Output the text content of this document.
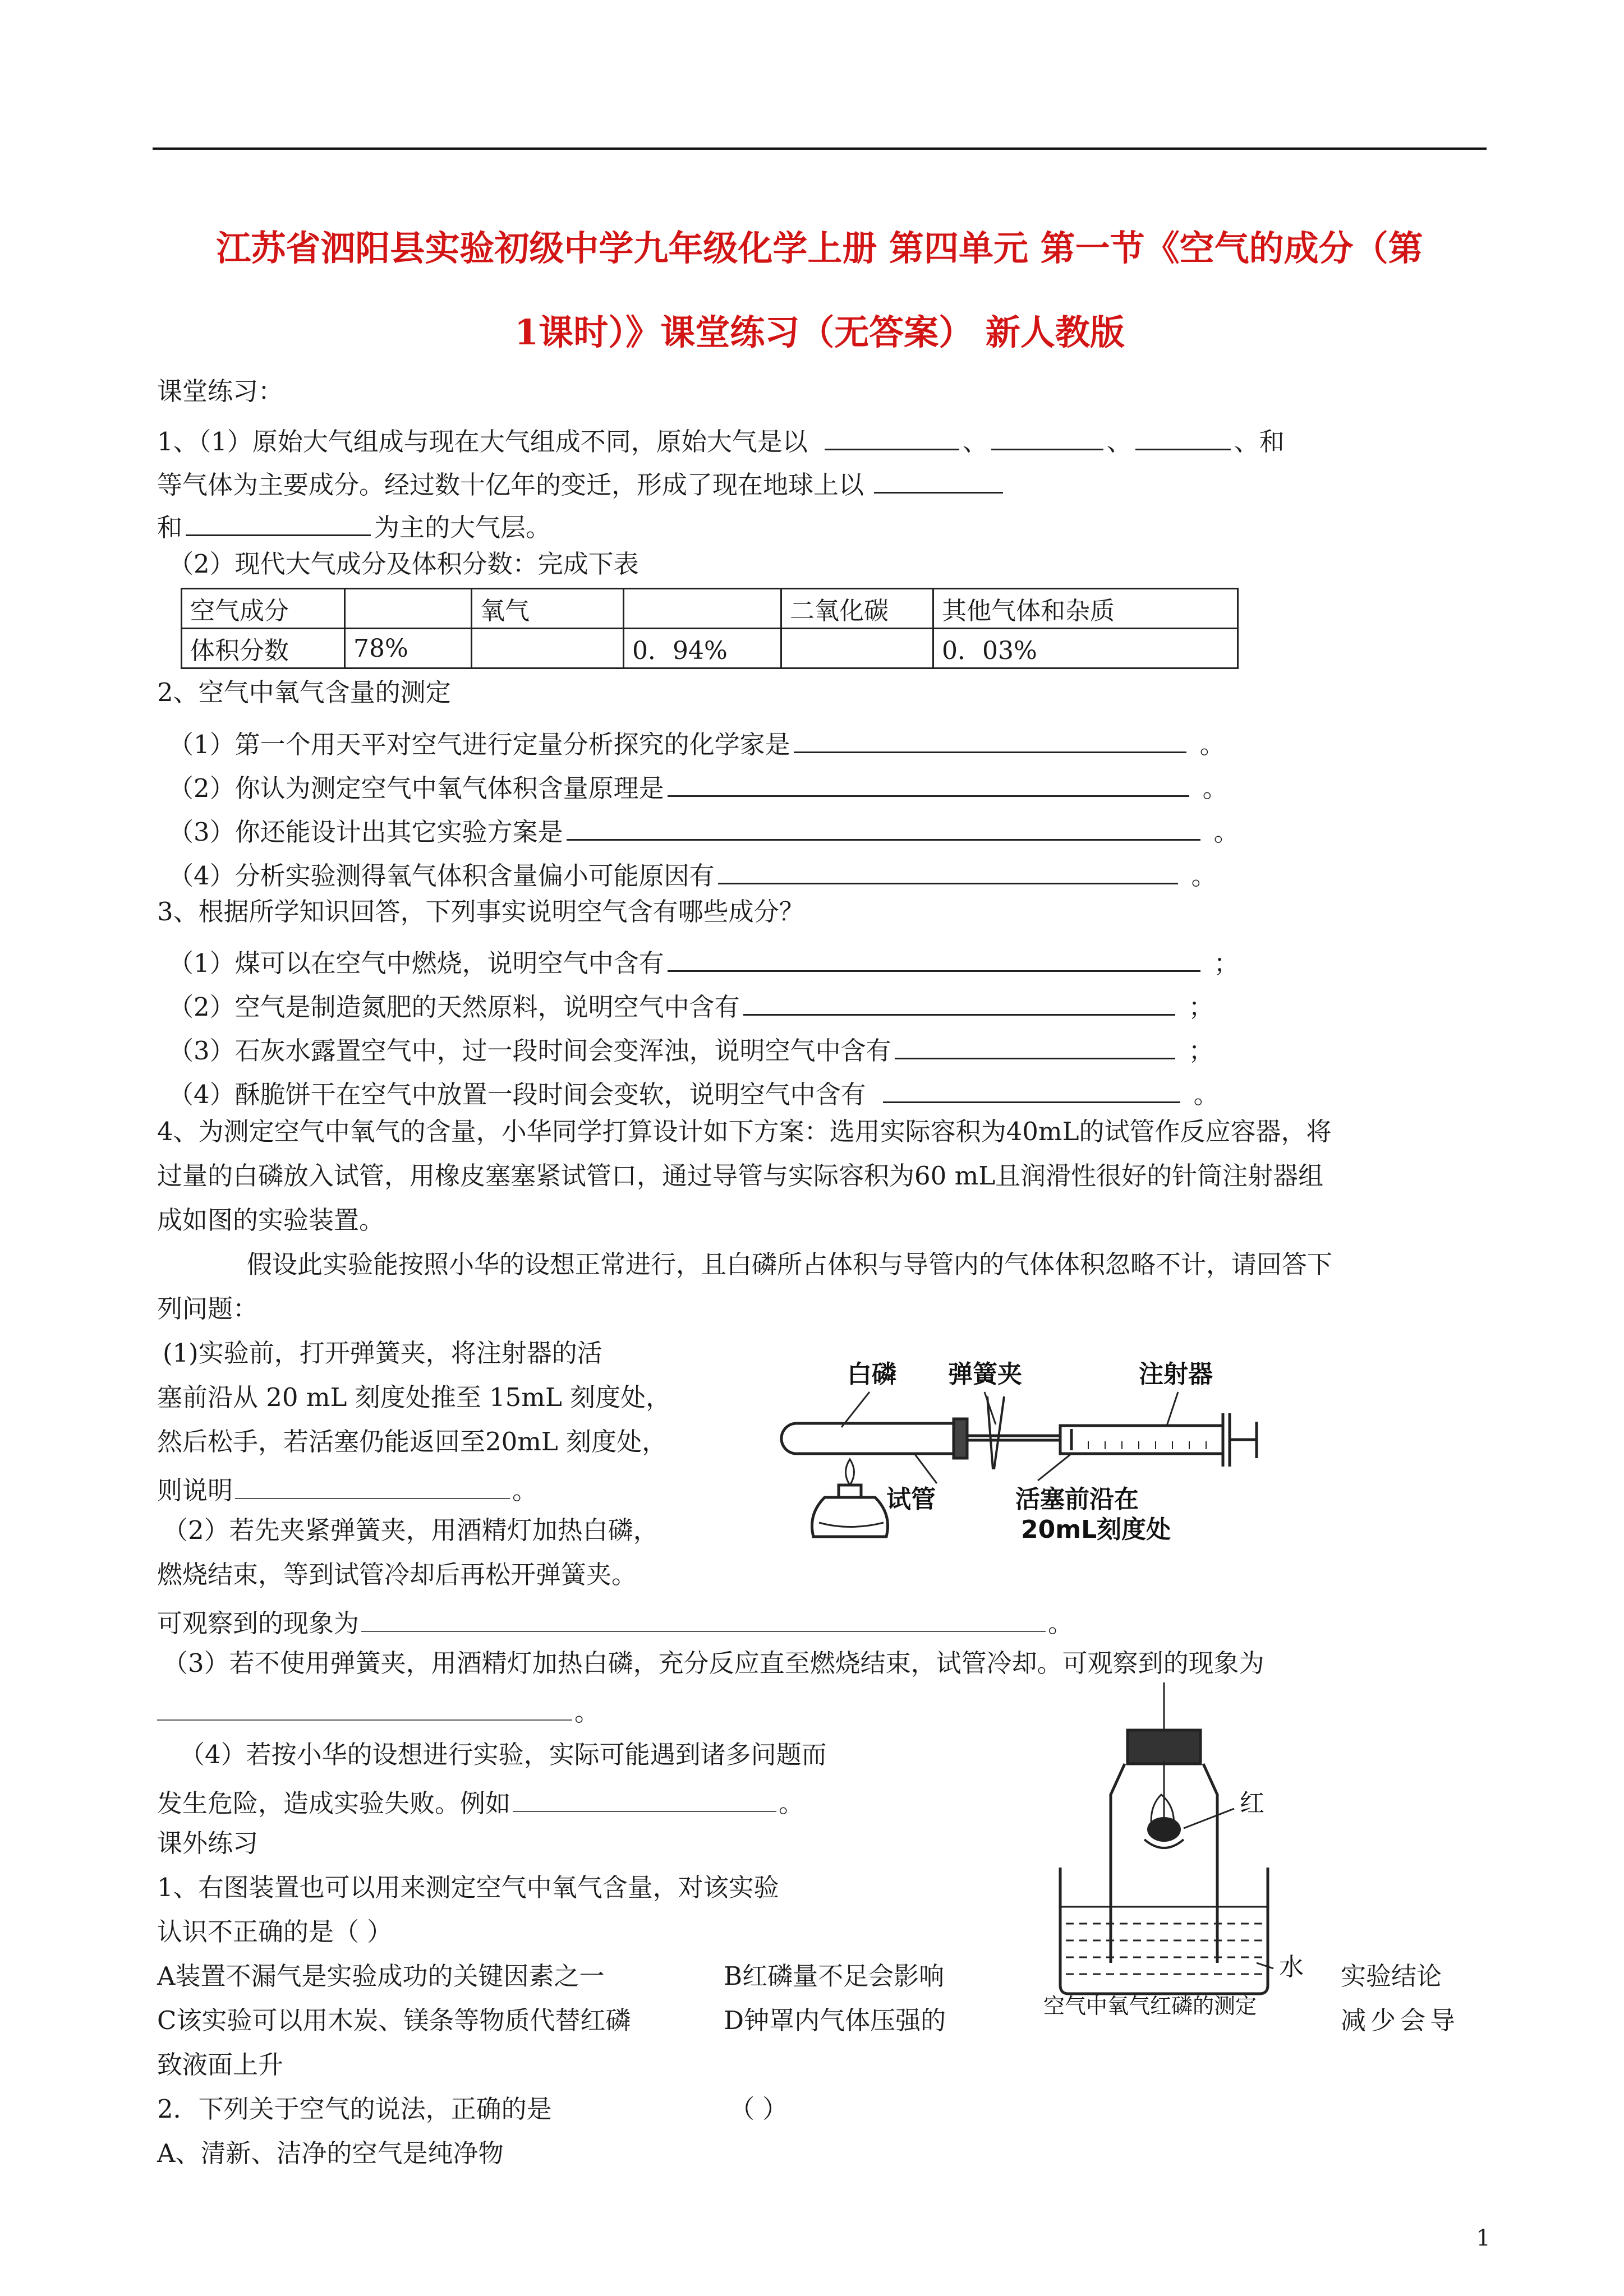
江苏省泗阳县实验初级中学九年级化学上册 第四单元 第一节《空气的成分（第
1课时）》课堂练习（无答案） 新人教版
课堂练习：
1、（1）原始大气组成与现在大气组成不同，原始大气是以	、	、	、和
等气体为主要成分。经过数十亿年的变迁，形成了现在地球上以
和	为主的大气层。
（2）现代大气成分及体积分数：完成下表
空气成分		氧气		二氧化碳	其他气体和杂质
体积分数	78%		0．94%		0．03%
2、空气中氧气含量的测定
（1）第一个用天平对空气进行定量分析探究的化学家是	。
（2）你认为测定空气中氧气体积含量原理是	。
（3）你还能设计出其它实验方案是	。
（4）分析实验测得氧气体积含量偏小可能原因有	。
3、根据所学知识回答，下列事实说明空气含有哪些成分？
（1）煤可以在空气中燃烧，说明空气中含有	；
（2）空气是制造氮肥的天然原料，说明空气中含有	；
（3）石灰水露置空气中，过一段时间会变浑浊，说明空气中含有	；
（4）酥脆饼干在空气中放置一段时间会变软，说明空气中含有	。
4、为测定空气中氧气的含量，小华同学打算设计如下方案：选用实际容积为40mL的试管作反应容器，将
过量的白磷放入试管，用橡皮塞塞紧试管口，通过导管与实际容积为60 mL且润滑性很好的针筒注射器组
成如图的实验装置。
假设此实验能按照小华的设想正常进行，且白磷所占体积与导管内的气体体积忽略不计，请回答下
列问题：
(1)实验前，打开弹簧夹，将注射器的活
塞前沿从 20 mL 刻度处推至 15mL 刻度处，
然后松手，若活塞仍能返回至20mL 刻度处，
则说明	。
（2）若先夹紧弹簧夹，用酒精灯加热白磷，
燃烧结束，等到试管冷却后再松开弹簧夹。
可观察到的现象为	。
（3）若不使用弹簧夹，用酒精灯加热白磷，充分反应直至燃烧结束，试管冷却。可观察到的现象为
。
（4）若按小华的设想进行实验，实际可能遇到诸多问题而
发生危险，造成实验失败。例如	。
白磷 弹簧夹	注射器
试管	活塞前沿在
20mL刻度处
课外练习
1、右图装置也可以用来测定空气中氧气含量，对该实验
认识不正确的是（ ）
A装置不漏气是实验成功的关键因素之一	B红磷量不足会影响	实验结论
C该实验可以用木炭、镁条等物质代替红磷	D钟罩内气体压强的	减少会导
致液面上升
红
水
空气中氧气红磷的测定
2．下列关于空气的说法，正确的是	（ ）
A、清新、洁净的空气是纯净物
1
